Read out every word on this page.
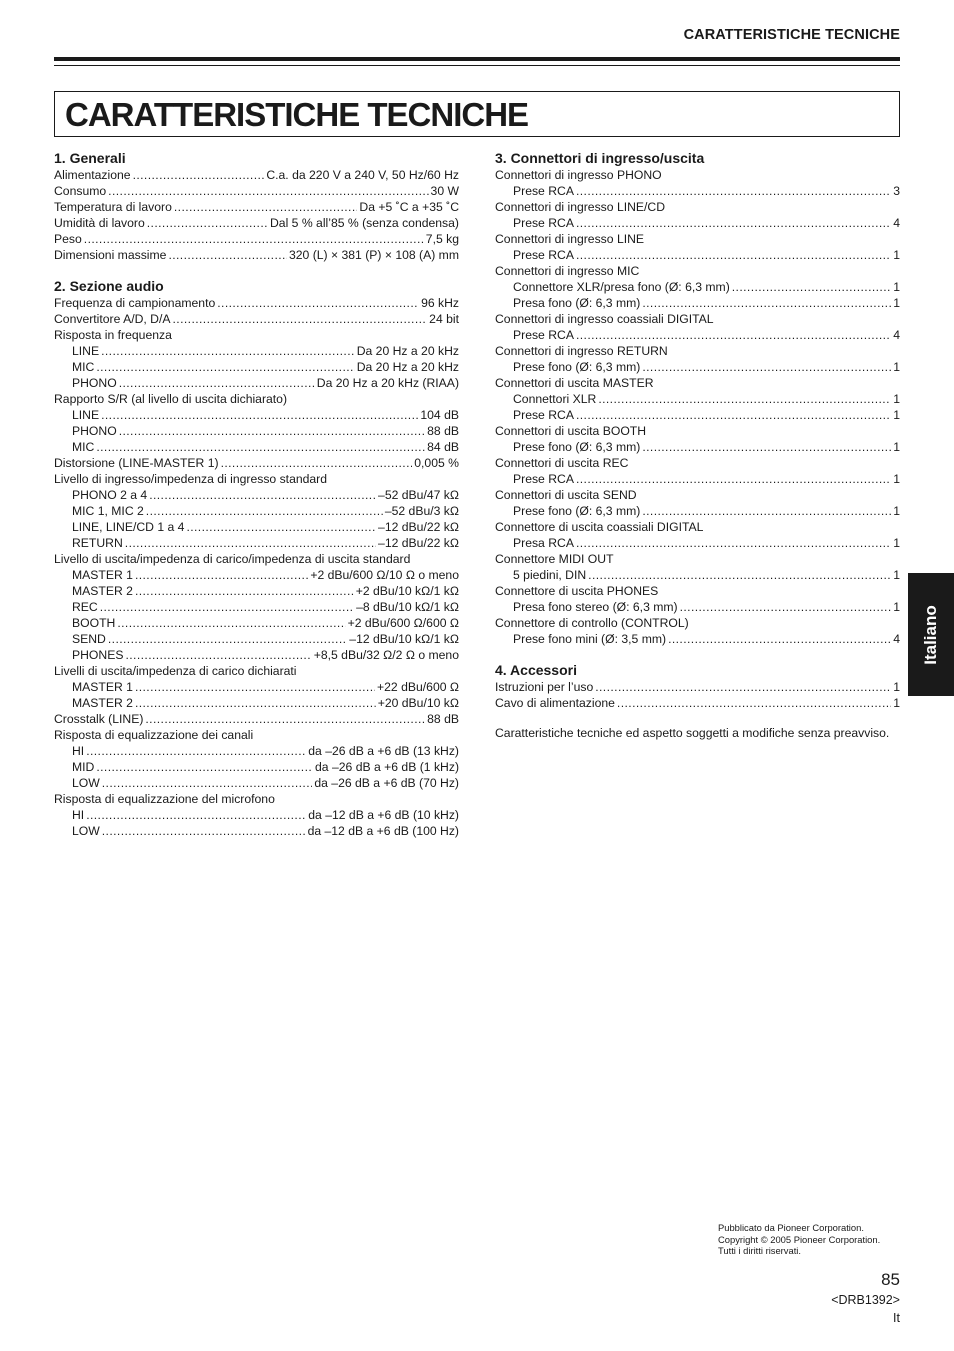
CARATTERISTICHE TECNICHE
CARATTERISTICHE TECNICHE
1. Generali
Alimentazione .....	C.a. da 220 V a 240 V, 50 Hz/60 Hz
Consumo .....	30 W
Temperatura di lavoro .....	Da +5 ˚C a +35 ˚C
Umidità di lavoro .....	Dal 5 % all’85 % (senza condensa)
Peso .....	7,5 kg
Dimensioni massime .....	320 (L) × 381 (P) × 108 (A) mm
2. Sezione audio
Frequenza di campionamento .....	96 kHz
Convertitore A/D, D/A .....	24 bit
Risposta in frequenza
LINE .....	Da 20 Hz a 20 kHz
MIC .....	Da 20 Hz a 20 kHz
PHONO .....	Da 20 Hz a 20 kHz (RIAA)
Rapporto S/R (al livello di uscita dichiarato)
LINE .....	104 dB
PHONO .....	88 dB
MIC .....	84 dB
Distorsione (LINE-MASTER 1) .....	0,005 %
Livello di ingresso/impedenza di ingresso standard
PHONO 2 a 4 .....	–52 dBu/47 kΩ
MIC 1, MIC 2 .....	–52 dBu/3 kΩ
LINE, LINE/CD 1 a 4 .....	–12 dBu/22 kΩ
RETURN .....	–12 dBu/22 kΩ
Livello di uscita/impedenza di carico/impedenza di uscita standard
MASTER 1 .....	+2 dBu/600 Ω/10 Ω o meno
MASTER 2 .....	+2 dBu/10 kΩ/1 kΩ
REC .....	–8 dBu/10 kΩ/1 kΩ
BOOTH .....	+2 dBu/600 Ω/600 Ω
SEND .....	–12 dBu/10 kΩ/1 kΩ
PHONES .....	+8,5 dBu/32 Ω/2 Ω o meno
Livelli di uscita/impedenza di carico dichiarati
MASTER 1 .....	+22 dBu/600 Ω
MASTER 2 .....	+20 dBu/10 kΩ
Crosstalk (LINE) .....	88 dB
Risposta di equalizzazione dei canali
HI .....	da –26 dB a +6 dB (13 kHz)
MID .....	da –26 dB a +6 dB (1 kHz)
LOW .....	da –26 dB a +6 dB (70 Hz)
Risposta di equalizzazione del microfono
HI .....	da –12 dB a +6 dB (10 kHz)
LOW .....	da –12 dB a +6 dB (100 Hz)
3. Connettori di ingresso/uscita
Connettori di ingresso PHONO
Prese RCA .....	3
Connettori di ingresso LINE/CD
Prese RCA .....	4
Connettori di ingresso LINE
Prese RCA .....	1
Connettori di ingresso MIC
Connettore XLR/presa fono (Ø: 6,3 mm) .....	1
Presa fono (Ø: 6,3 mm) .....	1
Connettori di ingresso coassiali DIGITAL
Prese RCA .....	4
Connettori di ingresso RETURN
Prese fono (Ø: 6,3 mm) .....	1
Connettori di uscita MASTER
Connettori XLR .....	1
Prese RCA .....	1
Connettori di uscita BOOTH
Prese fono (Ø: 6,3 mm) .....	1
Connettori di uscita REC
Prese RCA .....	1
Connettori di uscita SEND
Prese fono (Ø: 6,3 mm) .....	1
Connettore di uscita coassiali DIGITAL
Presa RCA .....	1
Connettore MIDI OUT
5 piedini, DIN .....	1
Connettore di uscita PHONES
Presa fono stereo (Ø: 6,3 mm) .....	1
Connettore di controllo (CONTROL)
Prese fono mini (Ø: 3,5 mm) .....	4
4. Accessori
Istruzioni per l’uso .....	1
Cavo di alimentazione .....	1
Caratteristiche tecniche ed aspetto soggetti a modifiche senza preavviso.
Italiano
Pubblicato da Pioneer Corporation.
Copyright © 2005 Pioneer Corporation.
Tutti i diritti riservati.
85
<DRB1392>
It
